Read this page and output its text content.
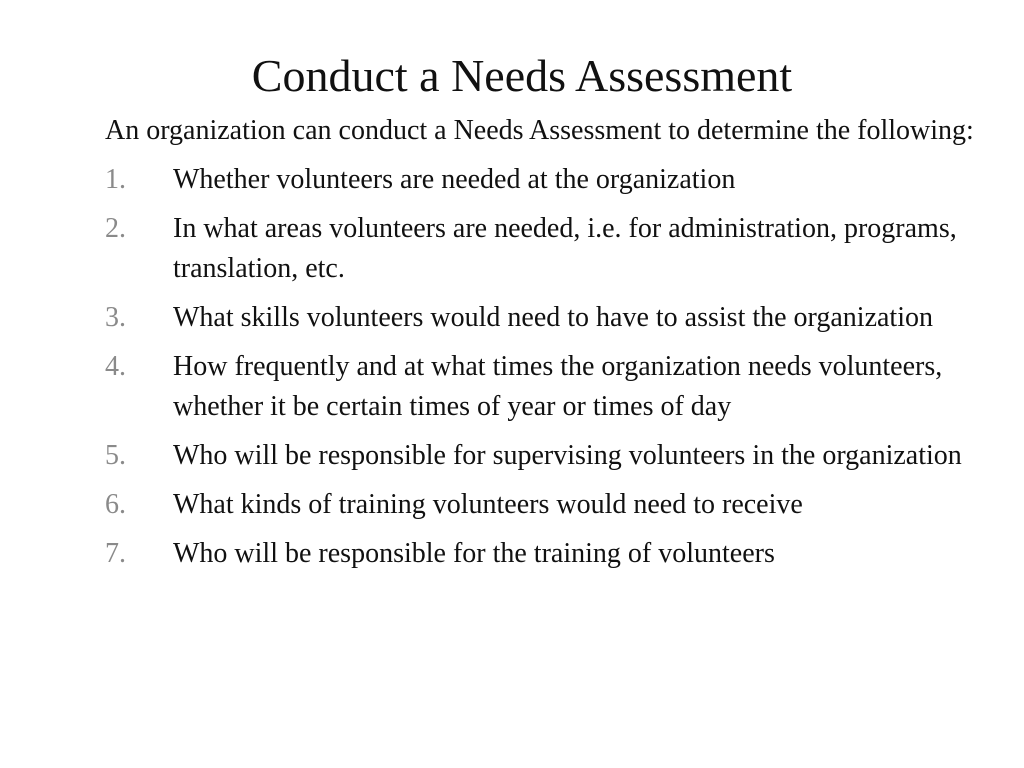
Conduct a Needs Assessment

An organization can conduct a Needs Assessment to determine the following:

1. Whether volunteers are needed at the organization
2. In what areas volunteers are needed, i.e. for administration, programs, translation, etc.
3. What skills volunteers would need to have to assist the organization
4. How frequently and at what times the organization needs volunteers, whether it be certain times of year or times of day
5. Who will be responsible for supervising volunteers in the organization
6. What kinds of training volunteers would need to receive
7. Who will be responsible for the training of volunteers
